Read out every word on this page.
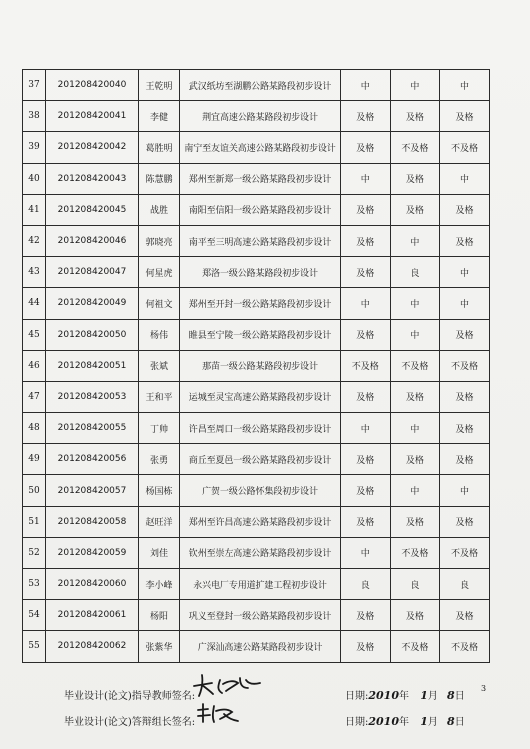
37	201208420040	王乾明	武汉纸坊至湖鹏公路某路段初步设计	中	中	中
38	201208420041	李健	荆宜高速公路某路段初步设计	及格	及格	及格
39	201208420042	葛胜明	南宁至友谊关高速公路某路段初步设计	及格	不及格	不及格
40	201208420043	陈慧鹏	郑州至新郑一级公路某路段初步设计	中	及格	中
41	201208420045	战胜	南阳至信阳一级公路某路段初步设计	及格	及格	及格
42	201208420046	郭晓亮	南平至三明高速公路某路段初步设计	及格	中	及格
43	201208420047	何星虎	郑洛一级公路某路段初步设计	及格	良	中
44	201208420049	何祖文	郑州至开封一级公路某路段初步设计	中	中	中
45	201208420050	杨伟	睢县至宁陵一级公路某路段初步设计	及格	中	及格
46	201208420051	张斌	那苗一级公路某路段初步设计	不及格	不及格	不及格
47	201208420053	王和平	运城至灵宝高速公路某路段初步设计	及格	及格	及格
48	201208420055	丁帅	许昌至周口一级公路某路段初步设计	中	中	及格
49	201208420056	张勇	商丘至夏邑一级公路某路段初步设计	及格	及格	及格
50	201208420057	杨国栋	广贺一级公路怀集段初步设计	及格	中	中
51	201208420058	赵旺洋	郑州至许昌高速公路某路段初步设计	及格	及格	及格
52	201208420059	刘佳	钦州至崇左高速公路某路段初步设计	中	不及格	不及格
53	201208420060	李小峰	永兴电厂专用道扩建工程初步设计	良	良	良
54	201208420061	杨阳	巩义至登封一级公路某路段初步设计	及格	及格	及格
55	201208420062	张紫华	广深汕高速公路某路段初步设计	及格	不及格	不及格
毕业设计(论文)指导教师签名:	日期:2010年 1月 8日
3
毕业设计(论文)答辩组长签名:	日期:2010年 1月 8日
